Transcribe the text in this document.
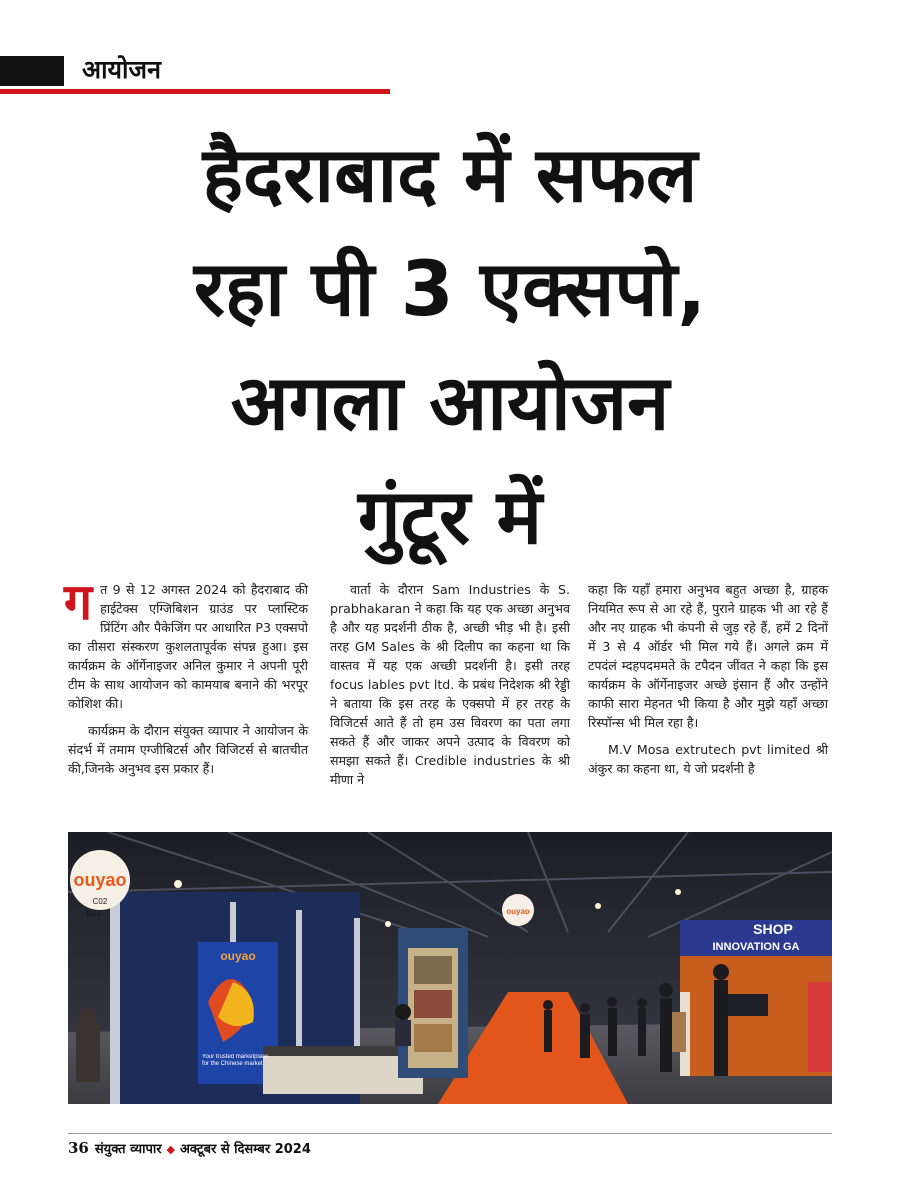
आयोजन
हैदराबाद में सफल
रहा पी 3 एक्सपो,
अगला आयोजन
गुंटूर में

गत 9 से 12 अगस्त 2024 को हैदराबाद की हाईटेक्स एग्जिबिशन ग्राउंड पर प्लास्टिक प्रिंटिंग और पैकेजिंग पर आधारित P3 एक्सपो का तीसरा संस्करण कुशलतापूर्वक संपन्न हुआ। इस कार्यक्रम के ऑर्गेनाइजर अनिल कुमार ने अपनी पूरी टीम के साथ आयोजन को कामयाब बनाने की भरपूर कोशिश की।

कार्यक्रम के दौरान संयुक्त व्यापार ने आयोजन के संदर्भ में तमाम एग्जीबिटर्स और विजिटर्स से बातचीत की,जिनके अनुभव इस प्रकार हैं।

वार्ता के दौरान Sam Industries के S. prabhakaran ने कहा कि यह एक अच्छा अनुभव है और यह प्रदर्शनी ठीक है, अच्छी भीड़ भी है। इसी तरह GM Sales के श्री दिलीप का कहना था कि वास्तव में यह एक अच्छी प्रदर्शनी है। इसी तरह focus lables pvt ltd. के प्रबंध निदेशक श्री रेड्डी ने बताया कि इस तरह के एक्सपो में हर तरह के विजिटर्स आते हैं तो हम उस विवरण का पता लगा सकते हैं और जाकर अपने उत्पाद के विवरण को समझा सकते हैं। Credible industries के श्री मीणा ने

कहा कि यहाँ हमारा अनुभव बहुत अच्छा है, ग्राहक नियमित रूप से आ रहे हैं, पुराने ग्राहक भी आ रहे हैं और नए ग्राहक भी कंपनी से जुड़ रहे हैं, हमें 2 दिनों में 3 से 4 ऑर्डर भी मिल गये हैं। अगले क्रम में टपदंलं म्दहपदममतेे के टपैदन जींवत ने कहा कि इस कार्यक्रम के ऑर्गेनाइजर अच्छे इंसान हैं और उन्होंने काफी सारा मेहनत भी किया है और मुझे यहाँ अच्छा रिस्पॉन्स भी मिल रहा है।

M.V Mosa extrutech pvt limited श्री अंकुर का कहना था, ये जो प्रदर्शनी है

ouyao
C02
D03
ouyao
ouyao
Your trusted marketplace for the Chinese market
SHOP
INNOVATION GA
36 संयुक्त व्यापार ◆ अक्टूबर से दिसम्बर 2024
